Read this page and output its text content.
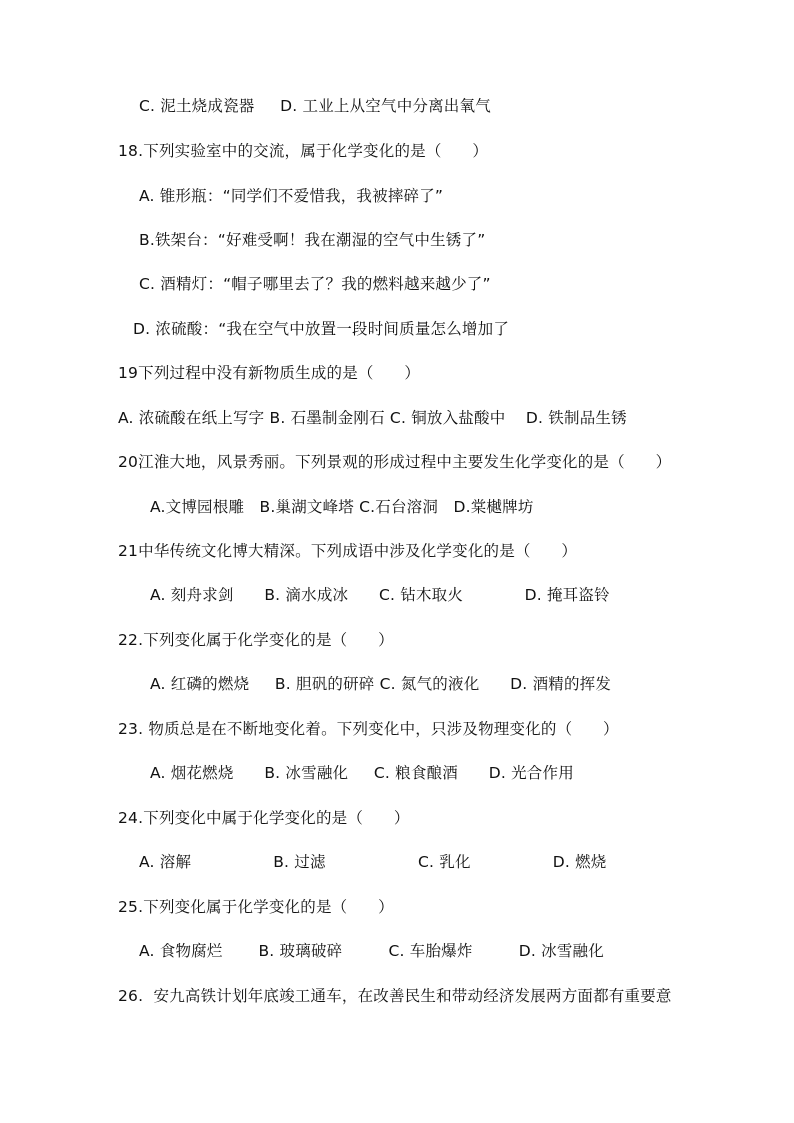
C. 泥土烧成瓷器     D. 工业上从空气中分离出氧气
18.下列实验室中的交流，属于化学变化的是（      ）
A. 锥形瓶：“同学们不爱惜我，我被摔碎了”
B.铁架台：“好难受啊！我在潮湿的空气中生锈了”
C. 酒精灯：“帽子哪里去了？我的燃料越来越少了”
D. 浓硫酸：“我在空气中放置一段时间质量怎么增加了
19下列过程中没有新物质生成的是（      ）
A. 浓硫酸在纸上写字 B. 石墨制金刚石 C. 铜放入盐酸中    D. 铁制品生锈
20江淮大地，风景秀丽。下列景观的形成过程中主要发生化学变化的是（      ）
A.文博园根雕   B.巢湖文峰塔 C.石台溶洞   D.棠樾牌坊
21中华传统文化博大精深。下列成语中涉及化学变化的是（      ）
A. 刻舟求剑      B. 滴水成冰      C. 钻木取火            D. 掩耳盗铃
22.下列变化属于化学变化的是（      ）
A. 红磷的燃烧     B. 胆矾的研碎 C. 氮气的液化      D. 酒精的挥发
23. 物质总是在不断地变化着。下列变化中，只涉及物理变化的（      ）
A. 烟花燃烧      B. 冰雪融化     C. 粮食酿酒      D. 光合作用
24.下列变化中属于化学变化的是（      ）
A. 溶解                B. 过滤                  C. 乳化                D. 燃烧
25.下列变化属于化学变化的是（      ）
A. 食物腐烂       B. 玻璃破碎         C. 车胎爆炸         D. 冰雪融化
26.  安九高铁计划年底竣工通车，在改善民生和带动经济发展两方面都有重要意
